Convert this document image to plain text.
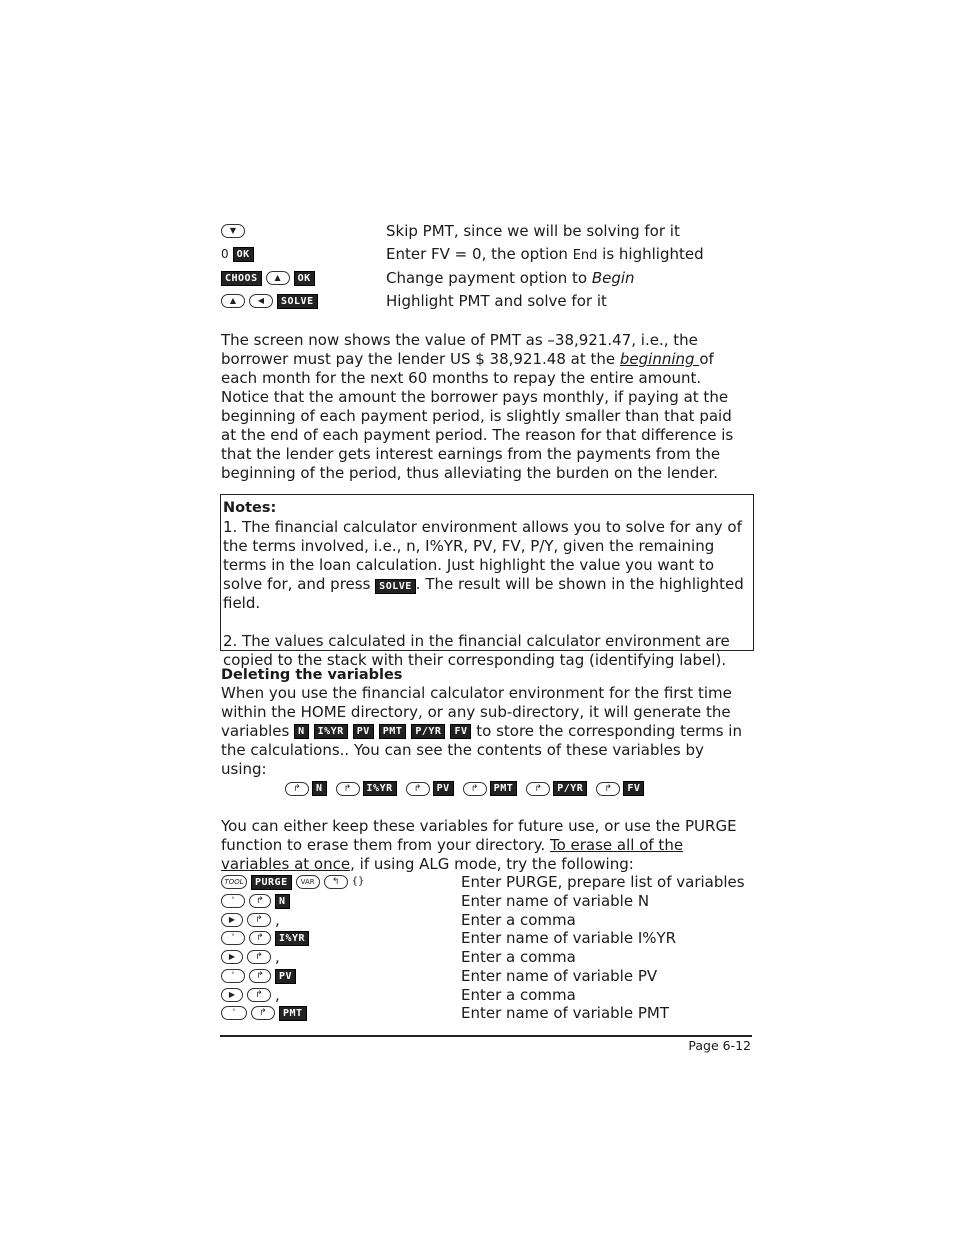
▼	Skip PMT, since we will be solving for it
0 OK	Enter FV = 0, the option End is highlighted
CHOOS	▲	OK	Change payment option to Begin
▲	◀	SOLVE	Highlight PMT and solve for it
The screen now shows the value of PMT as –38,921.47, i.e., the borrower must pay the lender US $ 38,921.48 at the beginning of each month for the next 60 months to repay the entire amount. Notice that the amount the borrower pays monthly, if paying at the beginning of each payment period, is slightly smaller than that paid at the end of each payment period. The reason for that difference is that the lender gets interest earnings from the payments from the beginning of the period, thus alleviating the burden on the lender.
Notes:
1. The financial calculator environment allows you to solve for any of the terms involved, i.e., n, I%YR, PV, FV, P/Y, given the remaining terms in the loan calculation. Just highlight the value you want to solve for, and press SOLVE . The result will be shown in the highlighted field.
2. The values calculated in the financial calculator environment are copied to the stack with their corresponding tag (identifying label).
Deleting the variables
When you use the financial calculator environment for the first time within the HOME directory, or any sub-directory, it will generate the variables N	I%YR	PV	PMT	P/YR	FV to store the corresponding terms in the calculations.. You can see the contents of these variables by using:
↱	N	↱	I%YR	↱	PV	↱	PMT	↱	P/YR	↱	FV
You can either keep these variables for future use, or use the PURGE function to erase them from your directory. To erase all of the variables at once, if using ALG mode, try the following:
TOOL	PURGE	VAR	↰	{}	Enter PURGE, prepare list of variables
'	↱	N	Enter name of variable N
▶	↱ ,	Enter a comma
'	↱	I%YR	Enter name of variable I%YR
▶	↱ ,	Enter a comma
'	↱	PV	Enter name of variable PV
▶	↱ ,	Enter a comma
'	↱	PMT	Enter name of variable PMT
Page 6-12
